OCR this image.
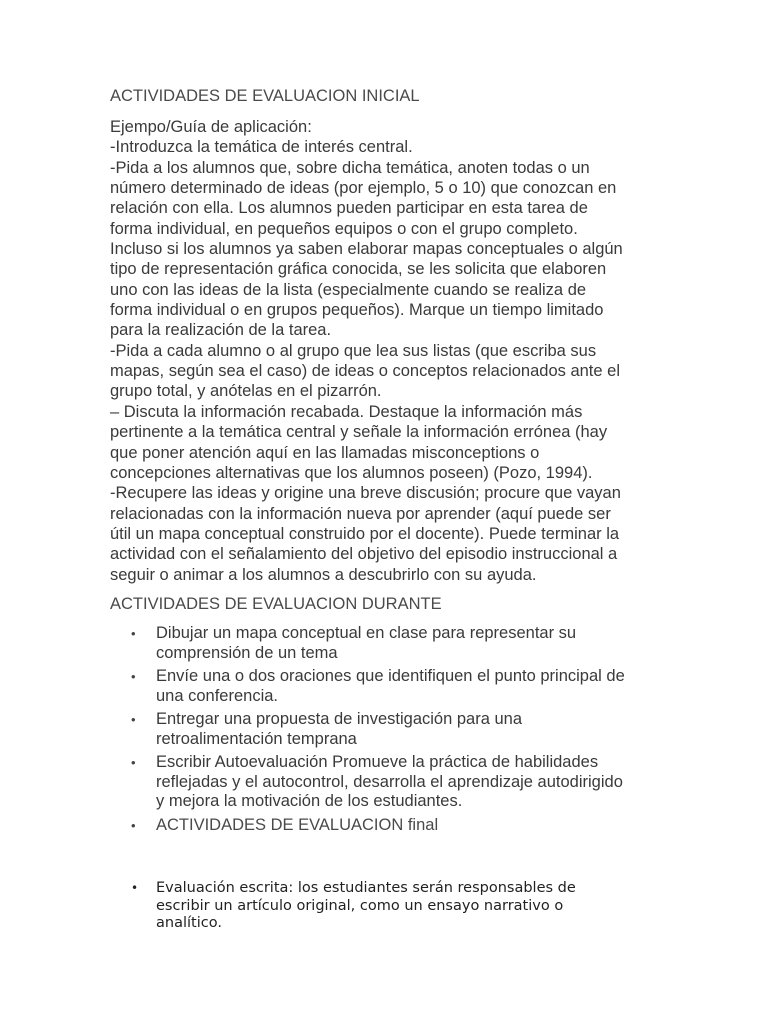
ACTIVIDADES DE EVALUACION INICIAL
Ejempo/Guía de aplicación:
-Introduzca la temática de interés central.
-Pida a los alumnos que, sobre dicha temática, anoten todas o un
número determinado de ideas (por ejemplo, 5 o 10) que conozcan en
relación con ella. Los alumnos pueden participar en esta tarea de
forma individual, en pequeños equipos o con el grupo completo.
Incluso si los alumnos ya saben elaborar mapas conceptuales o algún
tipo de representación gráfica conocida, se les solicita que elaboren
uno con las ideas de la lista (especialmente cuando se realiza de
forma individual o en grupos pequeños). Marque un tiempo limitado
para la realización de la tarea.
-Pida a cada alumno o al grupo que lea sus listas (que escriba sus
mapas, según sea el caso) de ideas o conceptos relacionados ante el
grupo total, y anótelas en el pizarrón.
– Discuta la información recabada. Destaque la información más
pertinente a la temática central y señale la información errónea (hay
que poner atención aquí en las llamadas misconceptions o
concepciones alternativas que los alumnos poseen) (Pozo, 1994).
-Recupere las ideas y origine una breve discusión; procure que vayan
relacionadas con la información nueva por aprender (aquí puede ser
útil un mapa conceptual construido por el docente). Puede terminar la
actividad con el señalamiento del objetivo del episodio instruccional a
seguir o animar a los alumnos a descubrirlo con su ayuda.
ACTIVIDADES DE EVALUACION DURANTE
• Dibujar un mapa conceptual en clase para representar su
comprensión de un tema
• Envíe una o dos oraciones que identifiquen el punto principal de
una conferencia.
• Entregar una propuesta de investigación para una
retroalimentación temprana
• Escribir Autoevaluación Promueve la práctica de habilidades
reflejadas y el autocontrol, desarrolla el aprendizaje autodirigido
y mejora la motivación de los estudiantes.
• ACTIVIDADES DE EVALUACION final
• Evaluación escrita: los estudiantes serán responsables de
escribir un artículo original, como un ensayo narrativo o
analítico.
